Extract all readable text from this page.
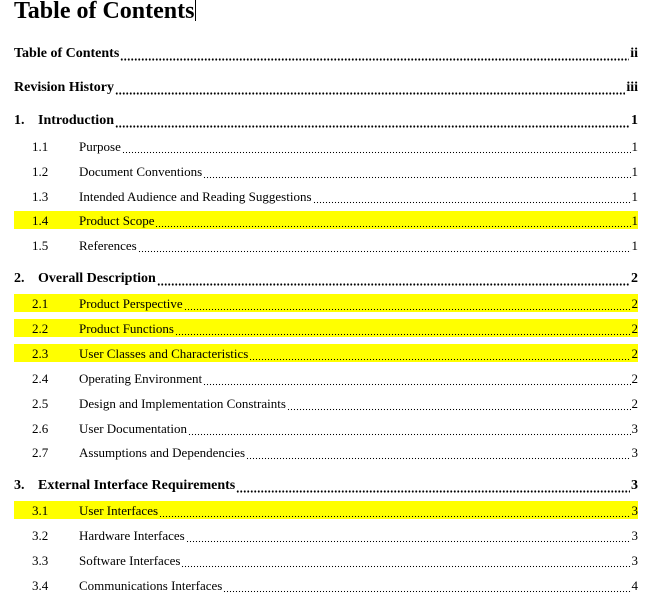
Table of Contents
Table of Contents	ii
Revision History	iii
1. Introduction	1
1.1	Purpose	1
1.2	Document Conventions	1
1.3	Intended Audience and Reading Suggestions	1
1.4	Product Scope	1
1.5	References	1
2. Overall Description	2
2.1	Product Perspective	2
2.2	Product Functions	2
2.3	User Classes and Characteristics	2
2.4	Operating Environment	2
2.5	Design and Implementation Constraints	2
2.6	User Documentation	3
2.7	Assumptions and Dependencies	3
3. External Interface Requirements	3
3.1	User Interfaces	3
3.2	Hardware Interfaces	3
3.3	Software Interfaces	3
3.4	Communications Interfaces	4
